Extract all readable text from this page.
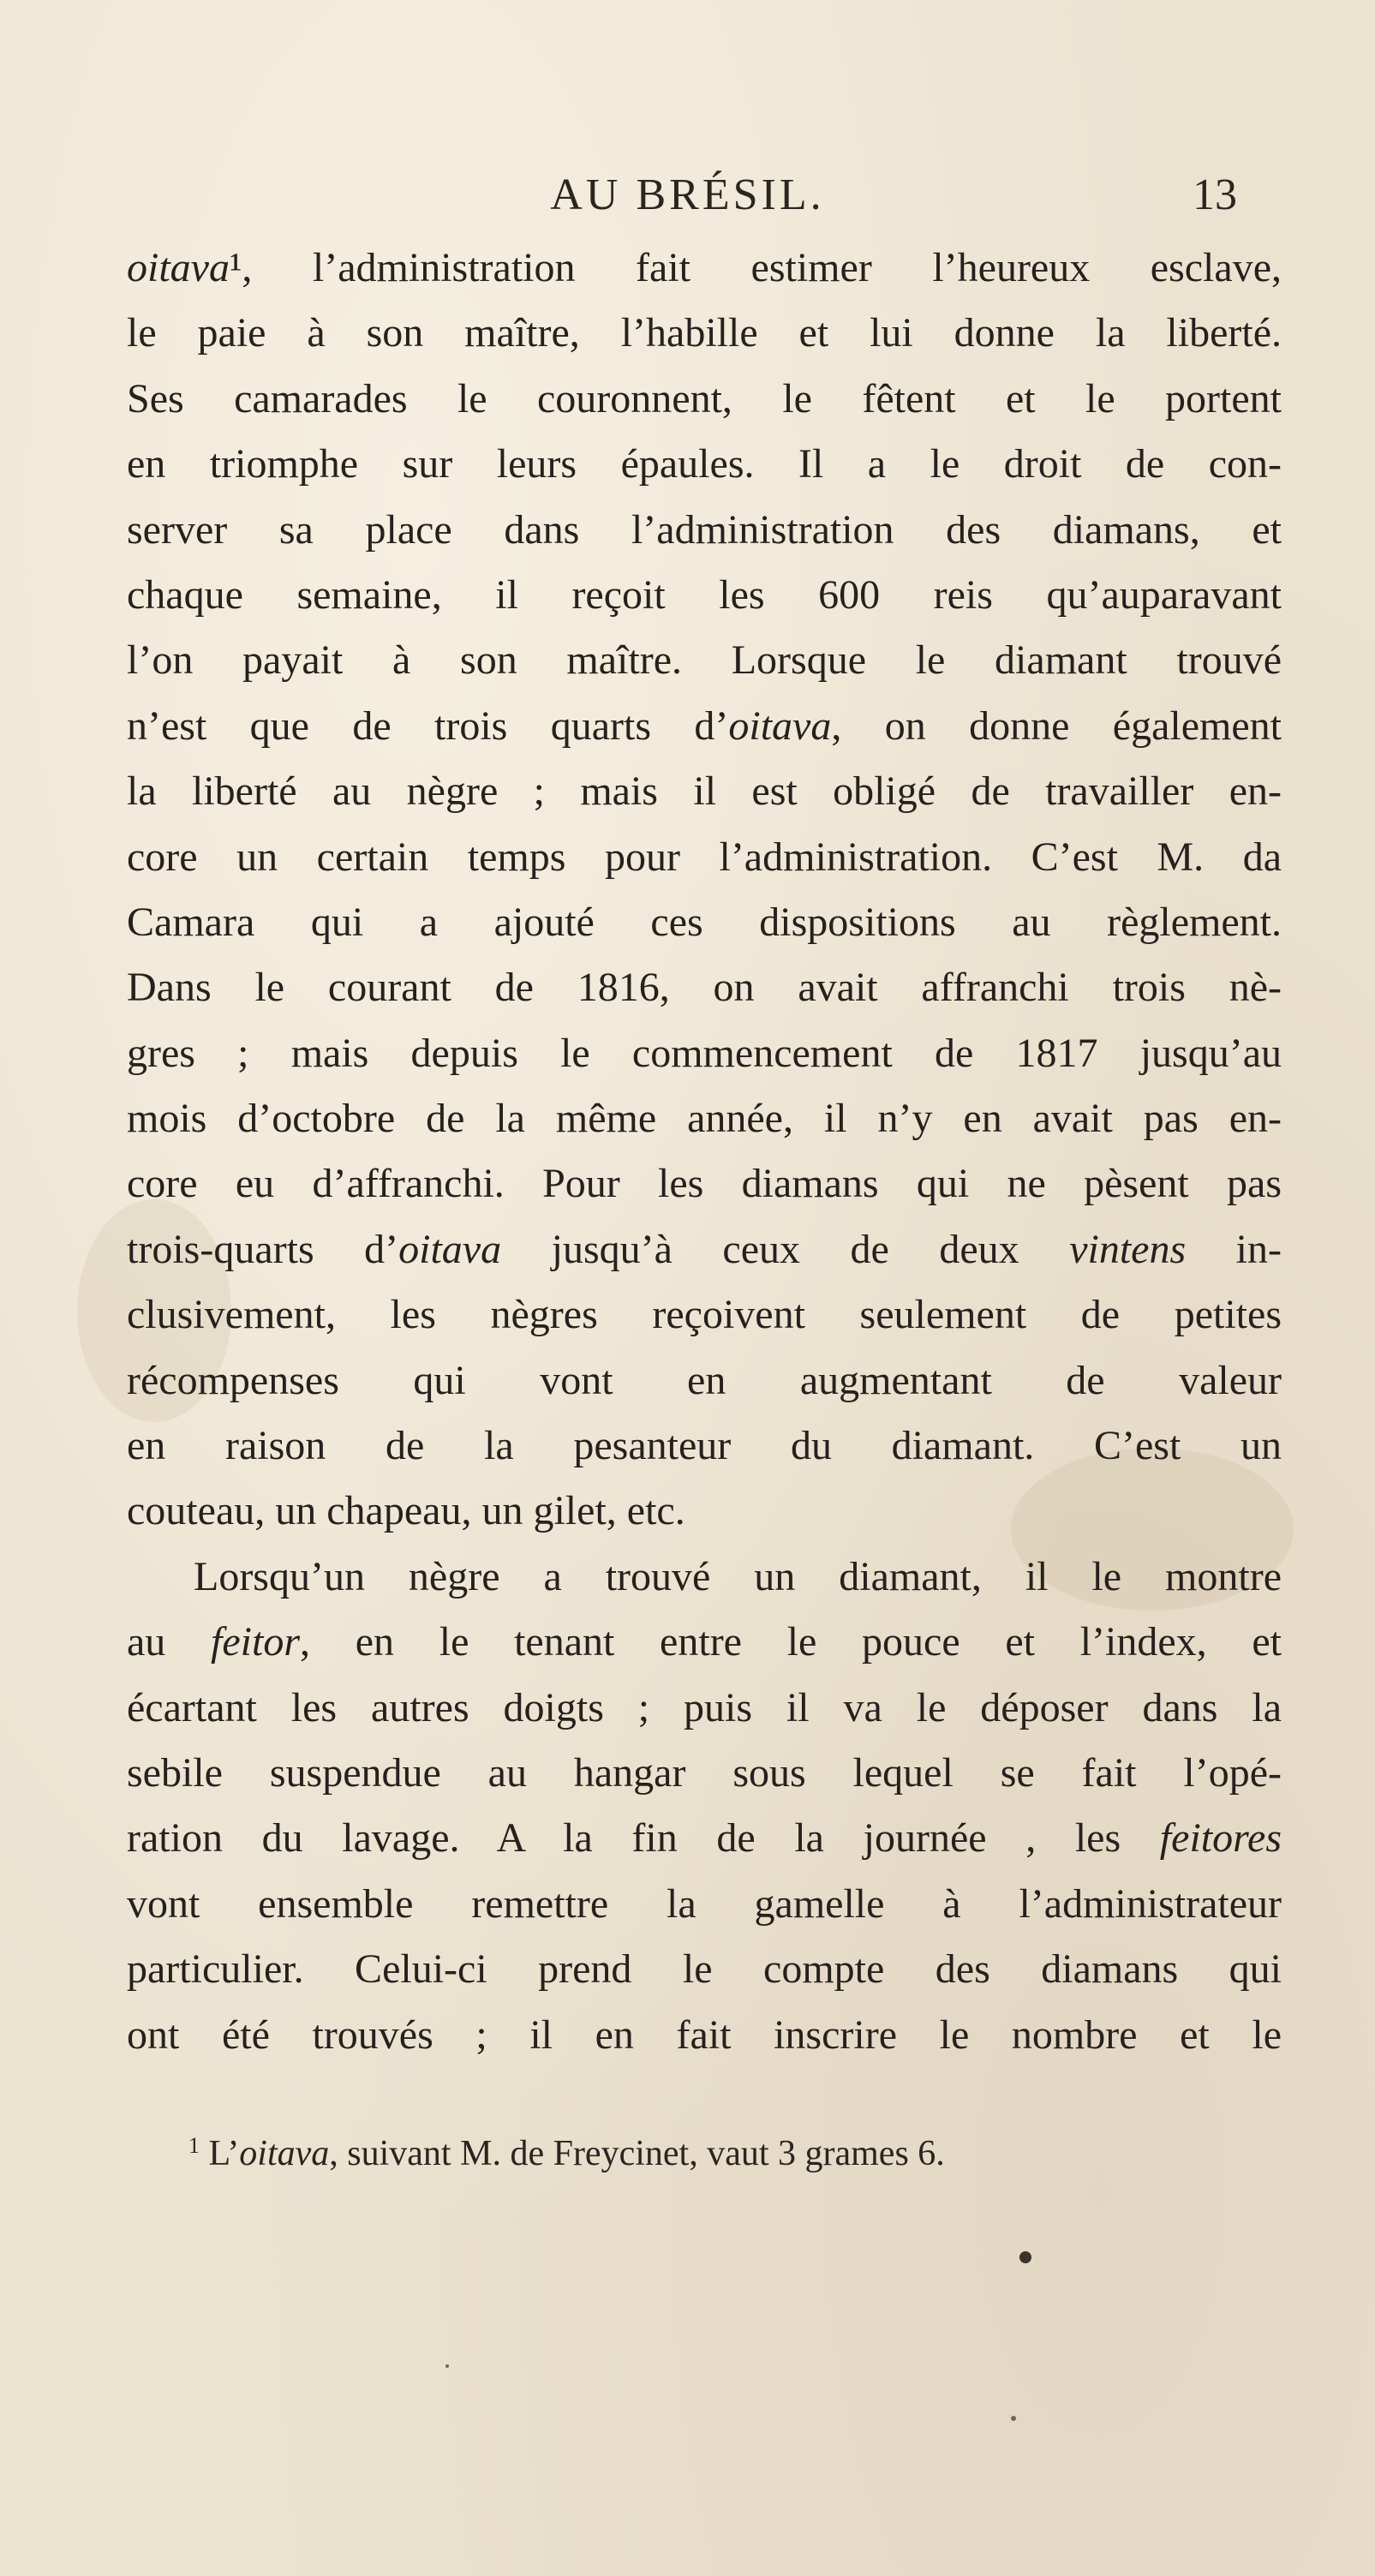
AU BRÉSIL.	13
oitava¹, l’administration fait estimer l’heureux esclave,
le paie à son maître, l’habille et lui donne la liberté.
Ses camarades le couronnent, le fêtent et le portent
en triomphe sur leurs épaules. Il a le droit de con-
server sa place dans l’administration des diamans, et
chaque semaine, il reçoit les 600 reis qu’auparavant
l’on payait à son maître. Lorsque le diamant trouvé
n’est que de trois quarts d’oitava, on donne également
la liberté au nègre ; mais il est obligé de travailler en-
core un certain temps pour l’administration. C’est M. da
Camara qui a ajouté ces dispositions au règlement.
Dans le courant de 1816, on avait affranchi trois nè-
gres ; mais depuis le commencement de 1817 jusqu’au
mois d’octobre de la même année, il n’y en avait pas en-
core eu d’affranchi. Pour les diamans qui ne pèsent pas
trois-quarts d’oitava jusqu’à ceux de deux vintens in-
clusivement, les nègres reçoivent seulement de petites
récompenses qui vont en augmentant de valeur
en raison de la pesanteur du diamant. C’est un
couteau, un chapeau, un gilet, etc.
Lorsqu’un nègre a trouvé un diamant, il le montre
au feitor, en le tenant entre le pouce et l’index, et
écartant les autres doigts ; puis il va le déposer dans la
sebile suspendue au hangar sous lequel se fait l’opé-
ration du lavage. A la fin de la journée , les feitores
vont ensemble remettre la gamelle à l’administrateur
particulier. Celui-ci prend le compte des diamans qui
ont été trouvés ; il en fait inscrire le nombre et le
$^1$ L’oitava, suivant M. de Freycinet, vaut 3 grames 6.
